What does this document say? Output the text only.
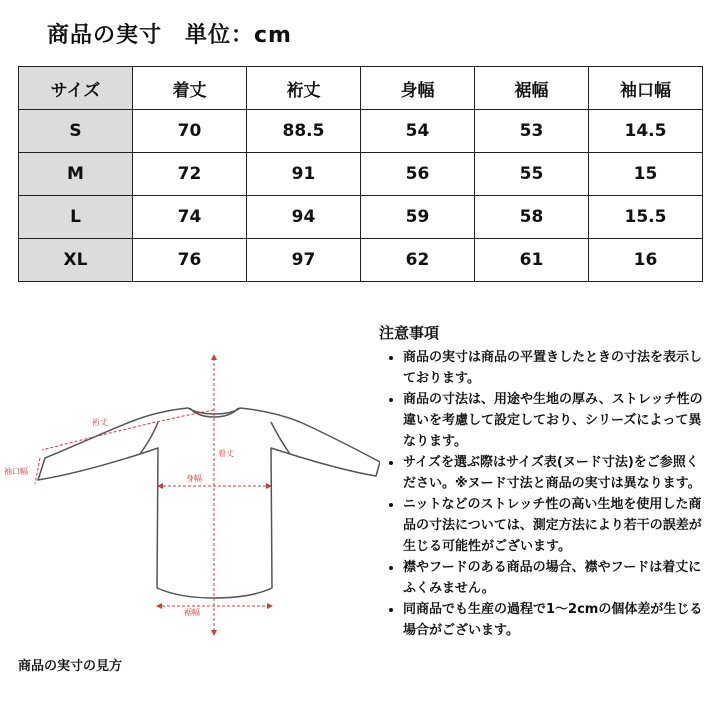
商品の実寸　単位：cm
サイズ	着丈	裄丈	身幅	裾幅	袖口幅
S	70	88.5	54	53	14.5
M	72	91	56	55	15
L	74	94	59	58	15.5
XL	76	97	62	61	16
裄丈
着丈
身幅
袖口幅
裾幅
商品の実寸の見方
注意事項
• 商品の実寸は商品の平置きしたときの寸法を表示しております。
• 商品の寸法は、用途や生地の厚み、ストレッチ性の違いを考慮して設定しており、シリーズによって異なります。
• サイズを選ぶ際はサイズ表(ヌード寸法)をご参照ください。※ヌード寸法と商品の実寸は異なります。
• ニットなどのストレッチ性の高い生地を使用した商品の寸法については、測定方法により若干の誤差が生じる可能性がございます。
• 襟やフードのある商品の場合、襟やフードは着丈にふくみません。
• 同商品でも生産の過程で1〜2cmの個体差が生じる場合がございます。
